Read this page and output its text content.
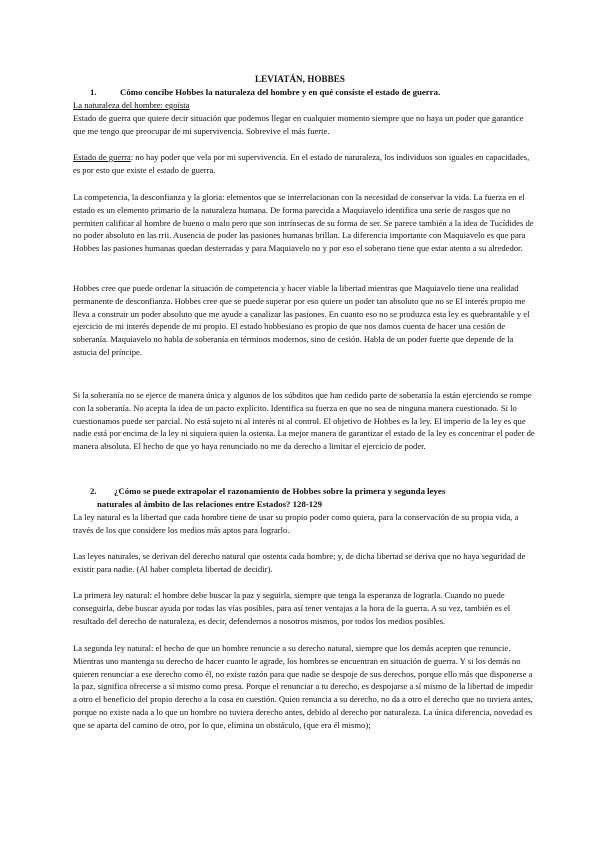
LEVIATÁN, HOBBES
1.	Cómo concibe Hobbes la naturaleza del hombre y en qué consiste el estado de guerra.
La naturaleza del hombre: egoísta

Estado de guerra que quiere decir situación que podemos llegar en cualquier momento siempre que no haya un poder que garantice que me tengo que preocupar de mi supervivencia. Sobrevive el más fuerte.

Estado de guerra: no hay poder que vela por mi supervivencia. En el estado de naturaleza, los individuos son iguales en capacidades, es por esto que existe el estado de guerra.

La competencia, la desconfianza y la gloria: elementos que se interrelacionan con la necesidad de conservar la vida. La fuerza en el estado es un elemento primario de la naturaleza humana. De forma parecida a Maquiavelo identifica una serie de rasgos que no permiten calificar al hombre de bueno o malo pero que son intrínsecas de su forma de ser. Se parece también a la idea de Tucídides de no poder absoluto en las rrii. Ausencia de poder las pasiones humanas brillan. La diferencia importante con Maquiavelo es que para Hobbes las pasiones humanas quedan desterradas y para Maquiavelo no y por eso el soberano tiene que estar atento a su alrededor.

Hobbes cree que puede ordenar la situación de competencia y hacer viable la libertad mientras que Maquiavelo tiene una realidad permanente de desconfianza. Hobbes cree que se puede superar por eso quiere un poder tan absoluto que no se El interés propio me lleva a construir un poder absoluto que me ayude a canalizar las pasiones. En cuanto eso no se produzca esta ley es quebrantable y el ejercicio de mi interés depende de mi propio. El estado hobbesiano es propio de que nos damos cuenta de hacer una cesión de soberanía. Maquiavelo no habla de soberanía en términos modernos, sino de cesión. Habla de un poder fuerte que depende de la astucia del príncipe.

Si la soberanía no se ejerce de manera única y algunos de los súbditos que han cedido parte de soberanía la están ejerciendo se rompe con la soberanía. No acepta la idea de un pacto explícito. Identifica su fuerza en que no sea de ninguna manera cuestionado. Si lo cuestionamos puede ser parcial. No está sujeto ni al interés ni al control. El objetivo de Hobbes es la ley. El imperio de la ley es que nadie está por encima de la ley ni siquiera quien la ostenta. La mejor manera de garantizar el estado de la ley es concentrar el poder de manera absoluta. El hecho de que yo haya renunciado no me da derecho a limitar el ejercicio de poder.

2. ¿Cómo se puede extrapolar el razonamiento de Hobbes sobre la primera y segunda leyes
naturales al ámbito de las relaciones entre Estados? 128-129

La ley natural es la libertad que cada hombre tiene de usar su propio poder como quiera, para la conservación de su propia vida, a través de los que considere los medios más aptos para lograrlo.

Las leyes naturales, se derivan del derecho natural que ostenta cada hombre; y, de dicha libertad se deriva que no haya seguridad de existir para nadie. (Al haber completa libertad de decidir).

La primera ley natural: el hombre debe buscar la paz y seguirla, siempre que tenga la esperanza de lograrla. Cuando no puede conseguirla, debe buscar ayuda por todas las vías posibles, para así tener ventajas a la hora de la guerra. A su vez, también es el resultado del derecho de naturaleza, es decir, defendernos a nosotros mismos, por todos los medios posibles.

La segunda ley natural: el hecho de que un hombre renuncie a su derecho natural, siempre que los demás acepten que renuncie. Mientras uno mantenga su derecho de hacer cuanto le agrade, los hombres se encuentran en situación de guerra. Y si los demás no quieren renunciar a ese derecho como él, no existe razón para que nadie se despoje de sus derechos, porque ello más que disponerse a la paz, significa ofrecerse a sí mismo como presa. Porque el renunciar a tu derecho, es despojarse a sí mismo de la libertad de impedir a otro el beneficio del propio derecho a la cosa en cuestión. Quien renuncia a su derecho, no da a otro el derecho que no tuviera antes, porque no existe nada a lo que un hombre no tuviera derecho antes, debido al derecho por naturaleza. La única diferencia, novedad es que se aparta del camino de otro, por lo que, elimina un obstáculo, (que era él mismo);
